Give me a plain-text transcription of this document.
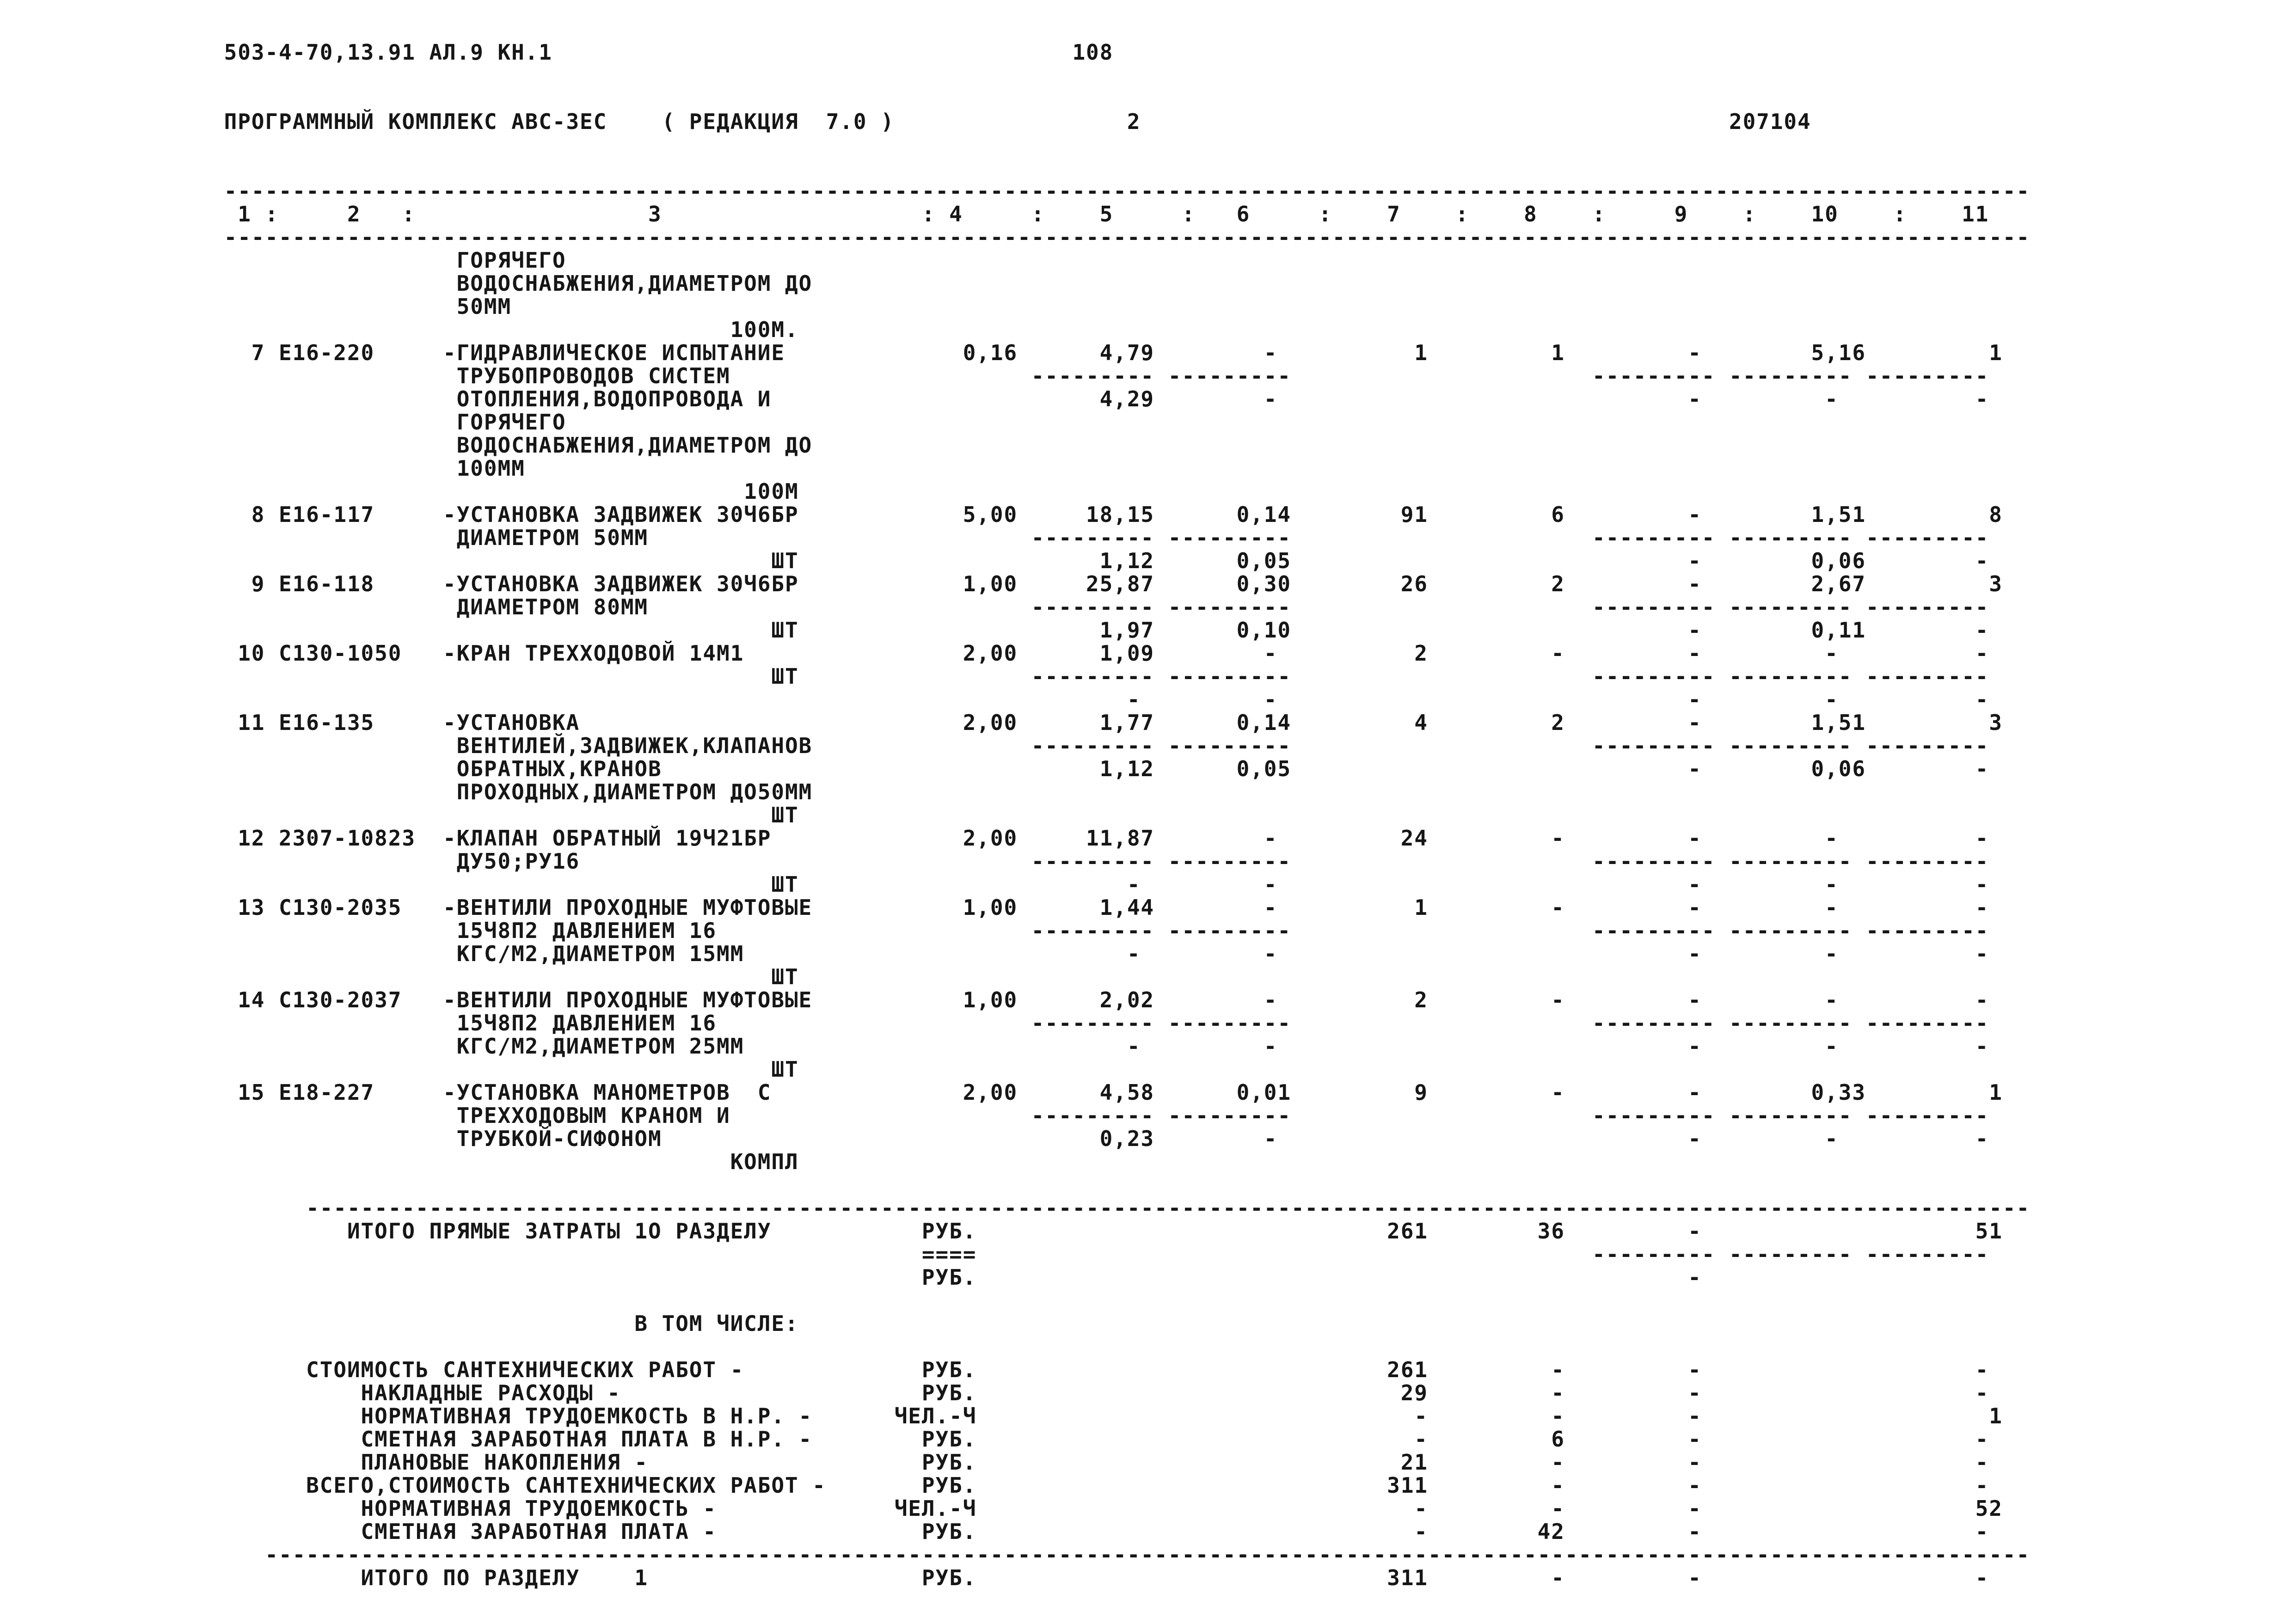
503-4-70,13.91 АЛ.9 КН.1                                      108
ПРОГРАММНЫЙ КОМПЛЕКС АВС-3ЕС    ( РЕДАКЦИЯ  7.0 )                 2                                           207104
------------------------------------------------------------------------------------------------------------------------------------
1 :     2   :                 3                   : 4     :    5     :   6     :    7    :    8    :     9    :    10    :    11
------------------------------------------------------------------------------------------------------------------------------------
ГОРЯЧЕГО
ВОДОСНАБЖЕНИЯ,ДИАМЕТРОМ ДО
50ММ
100М.
7 Е16-220     -ГИДРАВЛИЧЕСКОЕ ИСПЫТАНИЕ             0,16      4,79        -          1         1         -        5,16         1
ТРУБОПРОВОДОВ СИСТЕМ                      --------- ---------                      --------- --------- ---------
ОТОПЛЕНИЯ,ВОДОПРОВОДА И                        4,29        -                              -         -          -
ГОРЯЧЕГО
ВОДОСНАБЖЕНИЯ,ДИАМЕТРОМ ДО
100ММ
100М
8 Е16-117     -УСТАНОВКА ЗАДВИЖЕК 30Ч6БР            5,00     18,15      0,14        91         6         -        1,51         8
ДИАМЕТРОМ 50ММ                            --------- ---------                      --------- --------- ---------
ШТ                      1,12      0,05                             -        0,06        -
9 Е16-118     -УСТАНОВКА ЗАДВИЖЕК 30Ч6БР            1,00     25,87      0,30        26         2         -        2,67         3
ДИАМЕТРОМ 80ММ                            --------- ---------                      --------- --------- ---------
ШТ                      1,97      0,10                             -        0,11        -
10 С130-1050   -КРАН ТРЕХХОДОВОЙ 14М1                2,00      1,09        -          2         -         -         -          -
ШТ                 --------- ---------                      --------- --------- ---------
-         -                              -         -          -
11 Е16-135     -УСТАНОВКА                            2,00      1,77      0,14         4         2         -        1,51         3
ВЕНТИЛЕЙ,ЗАДВИЖЕК,КЛАПАНОВ                --------- ---------                      --------- --------- ---------
ОБРАТНЫХ,КРАНОВ                                1,12      0,05                             -        0,06        -
ПРОХОДНЫХ,ДИАМЕТРОМ ДО50ММ
ШТ
12 2307-10823  -КЛАПАН ОБРАТНЫЙ 19Ч21БР              2,00     11,87        -         24         -         -         -          -
ДУ50;РУ16                                 --------- ---------                      --------- --------- ---------
ШТ                        -         -                              -         -          -
13 С130-2035   -ВЕНТИЛИ ПРОХОДНЫЕ МУФТОВЫЕ           1,00      1,44        -          1         -         -         -          -
15Ч8П2 ДАВЛЕНИЕМ 16                       --------- ---------                      --------- --------- ---------
КГС/М2,ДИАМЕТРОМ 15ММ                            -         -                              -         -          -
ШТ
14 С130-2037   -ВЕНТИЛИ ПРОХОДНЫЕ МУФТОВЫЕ           1,00      2,02        -          2         -         -         -          -
15Ч8П2 ДАВЛЕНИЕМ 16                       --------- ---------                      --------- --------- ---------
КГС/М2,ДИАМЕТРОМ 25ММ                            -         -                              -         -          -
ШТ
15 Е18-227     -УСТАНОВКА МАНОМЕТРОВ  С              2,00      4,58      0,01         9         -         -        0,33         1
ТРЕХХОДОВЫМ КРАНОМ И                      --------- ---------                      --------- --------- ---------
ТРУБКОЙ-СИФОНОМ                                0,23        -                              -         -          -
КОМПЛ
------------------------------------------------------------------------------------------------------------------------------
ИТОГО ПРЯМЫЕ ЗАТРАТЫ 1О РАЗДЕЛУ           РУБ.                              261        36         -                    51
====                                             --------- --------- ---------
РУБ.                                                    -
В ТОМ ЧИСЛЕ:
СТОИМОСТЬ САНТЕХНИЧЕСКИХ РАБОТ -             РУБ.                              261         -         -                    -
НАКЛАДНЫЕ РАСХОДЫ -                      РУБ.                               29         -         -                    -
НОРМАТИВНАЯ ТРУДОЕМКОСТЬ В Н.Р. -      ЧЕЛ.-Ч                                -         -         -                     1
СМЕТНАЯ ЗАРАБОТНАЯ ПЛАТА В Н.Р. -        РУБ.                                -         6         -                    -
ПЛАНОВЫЕ НАКОПЛЕНИЯ -                    РУБ.                               21         -         -                    -
ВСЕГО,СТОИМОСТЬ САНТЕХНИЧЕСКИХ РАБОТ -       РУБ.                              311         -         -                    -
НОРМАТИВНАЯ ТРУДОЕМКОСТЬ -             ЧЕЛ.-Ч                                -         -         -                    52
СМЕТНАЯ ЗАРАБОТНАЯ ПЛАТА -               РУБ.                                -        42         -                    -
---------------------------------------------------------------------------------------------------------------------------------
ИТОГО ПО РАЗДЕЛУ    1                    РУБ.                              311         -         -                    -
